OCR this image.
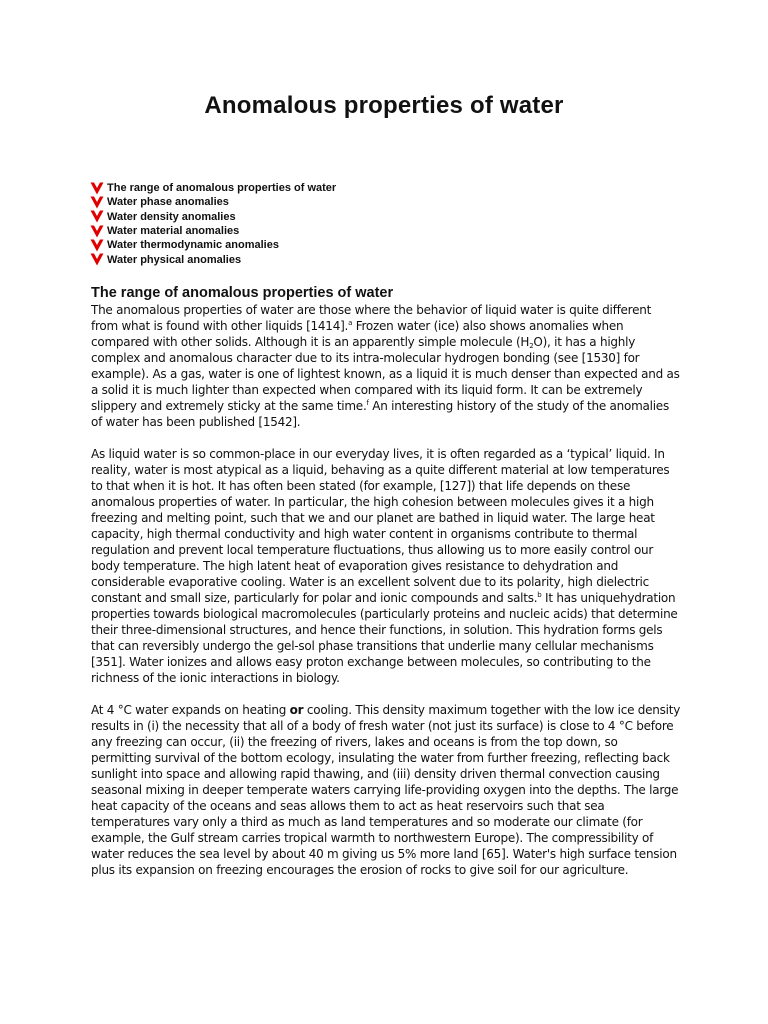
Anomalous properties of water
The range of anomalous properties of water
Water phase anomalies
Water density anomalies
Water material anomalies
Water thermodynamic anomalies
Water physical anomalies
The range of anomalous properties of water

The anomalous properties of water are those where the behavior of liquid water is quite different from what is found with other liquids [1414].$^a$ Frozen water (ice) also shows anomalies when compared with other solids. Although it is an apparently simple molecule $(H_2O)$, it has a highly complex and anomalous character due to its intra-molecular hydrogen bonding (see [1530] for example). As a gas, water is one of lightest known, as a liquid it is much denser than expected and as a solid it is much lighter than expected when compared with its liquid form. It can be extremely slippery and extremely sticky at the same time.$^f$ An interesting history of the study of the anomalies of water has been published [1542].

As liquid water is so common-place in our everyday lives, it is often regarded as a ‘typical’ liquid. In reality, water is most atypical as a liquid, behaving as a quite different material at low temperatures to that when it is hot. It has often been stated (for example, [127]) that life depends on these anomalous properties of water. In particular, the high cohesion between molecules gives it a high freezing and melting point, such that we and our planet are bathed in liquid water. The large heat capacity, high thermal conductivity and high water content in organisms contribute to thermal regulation and prevent local temperature fluctuations, thus allowing us to more easily control our body temperature. The high latent heat of evaporation gives resistance to dehydration and considerable evaporative cooling. Water is an excellent solvent due to its polarity, high dielectric constant and small size, particularly for polar and ionic compounds and salts.$^b$ It has uniquehydration properties towards biological macromolecules (particularly proteins and nucleic acids) that determine their three-dimensional structures, and hence their functions, in solution. This hydration forms gels that can reversibly undergo the gel-sol phase transitions that underlie many cellular mechanisms [351]. Water ionizes and allows easy proton exchange between molecules, so contributing to the richness of the ionic interactions in biology.

At 4 °C water expands on heating or cooling. This density maximum together with the low ice density results in (i) the necessity that all of a body of fresh water (not just its surface) is close to 4 °C before any freezing can occur, (ii) the freezing of rivers, lakes and oceans is from the top down, so permitting survival of the bottom ecology, insulating the water from further freezing, reflecting back sunlight into space and allowing rapid thawing, and (iii) density driven thermal convection causing seasonal mixing in deeper temperate waters carrying life-providing oxygen into the depths. The large heat capacity of the oceans and seas allows them to act as heat reservoirs such that sea temperatures vary only a third as much as land temperatures and so moderate our climate (for example, the Gulf stream carries tropical warmth to northwestern Europe). The compressibility of water reduces the sea level by about 40 m giving us 5% more land [65]. Water's high surface tension plus its expansion on freezing encourages the erosion of rocks to give soil for our agriculture.
